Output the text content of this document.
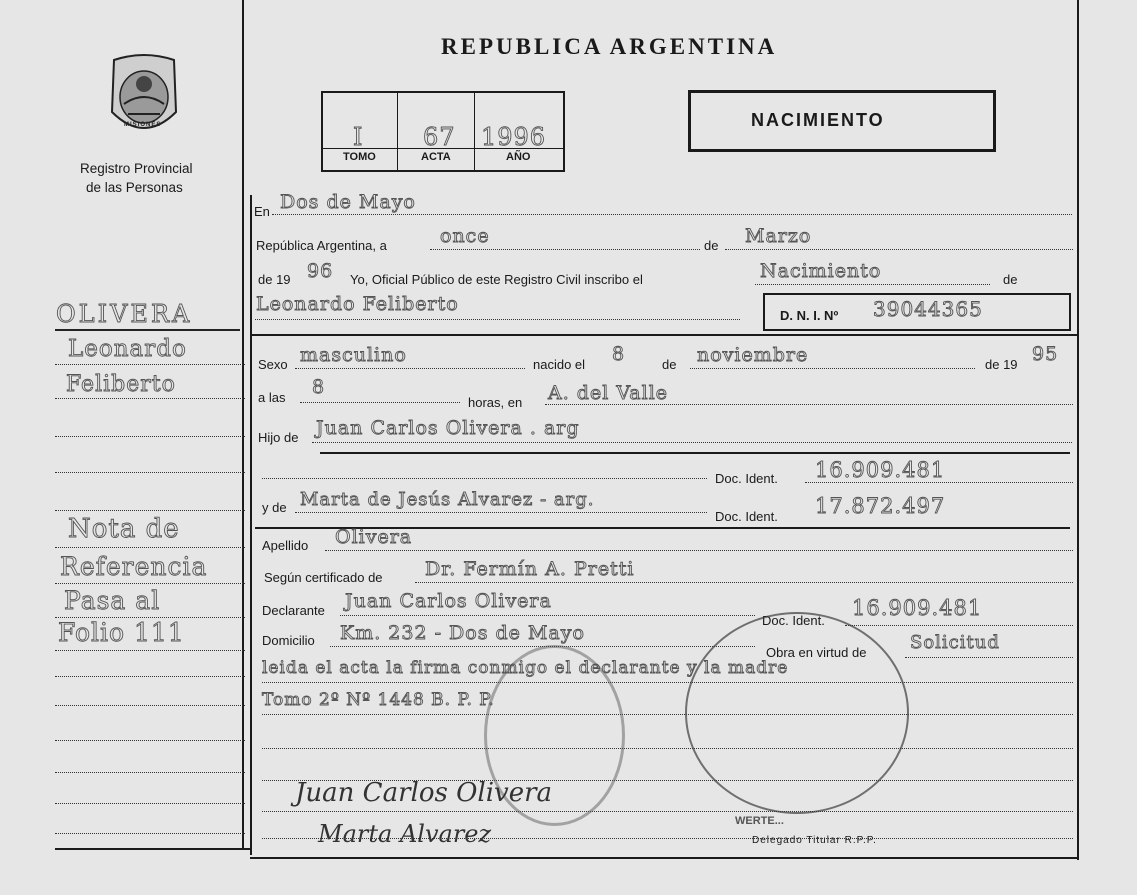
MISIONES
Registro Provincial
de las Personas
REPUBLICA ARGENTINA
I 67 1996
TOMO	ACTA	AÑO
NACIMIENTO
OLIVERA
Leonardo
Feliberto
Nota de
Referencia
Pasa al
Folio 111
En Dos de Mayo
República Argentina, a	once	de Marzo
de 19 96 Yo, Oficial Público de este Registro Civil inscribo el	Nacimiento	de
Leonardo Feliberto
D. N. I. Nº 39044365
Sexo masculino	nacido el 8	de noviembre	de 19 95
a las 8
horas, en A. del Valle
Hijo de Juan Carlos Olivera . arg
Doc. Ident. 16.909.481
y de Marta de Jesús Alvarez - arg.
Doc. Ident. 17.872.497
Apellido Olivera
Según certificado de Dr. Fermín A. Pretti
Declarante Juan Carlos Olivera
Doc. Ident.
16.909.481
Domicilio Km. 232 - Dos de Mayo
Obra en virtud de Solicitud
leida el acta la firma conmigo el declarante y la madre
Tomo 2º Nº 1448 B. P. P.
Juan Carlos Olivera
Marta Alvarez	WERTE...
Delegado Titular R.P.P.
